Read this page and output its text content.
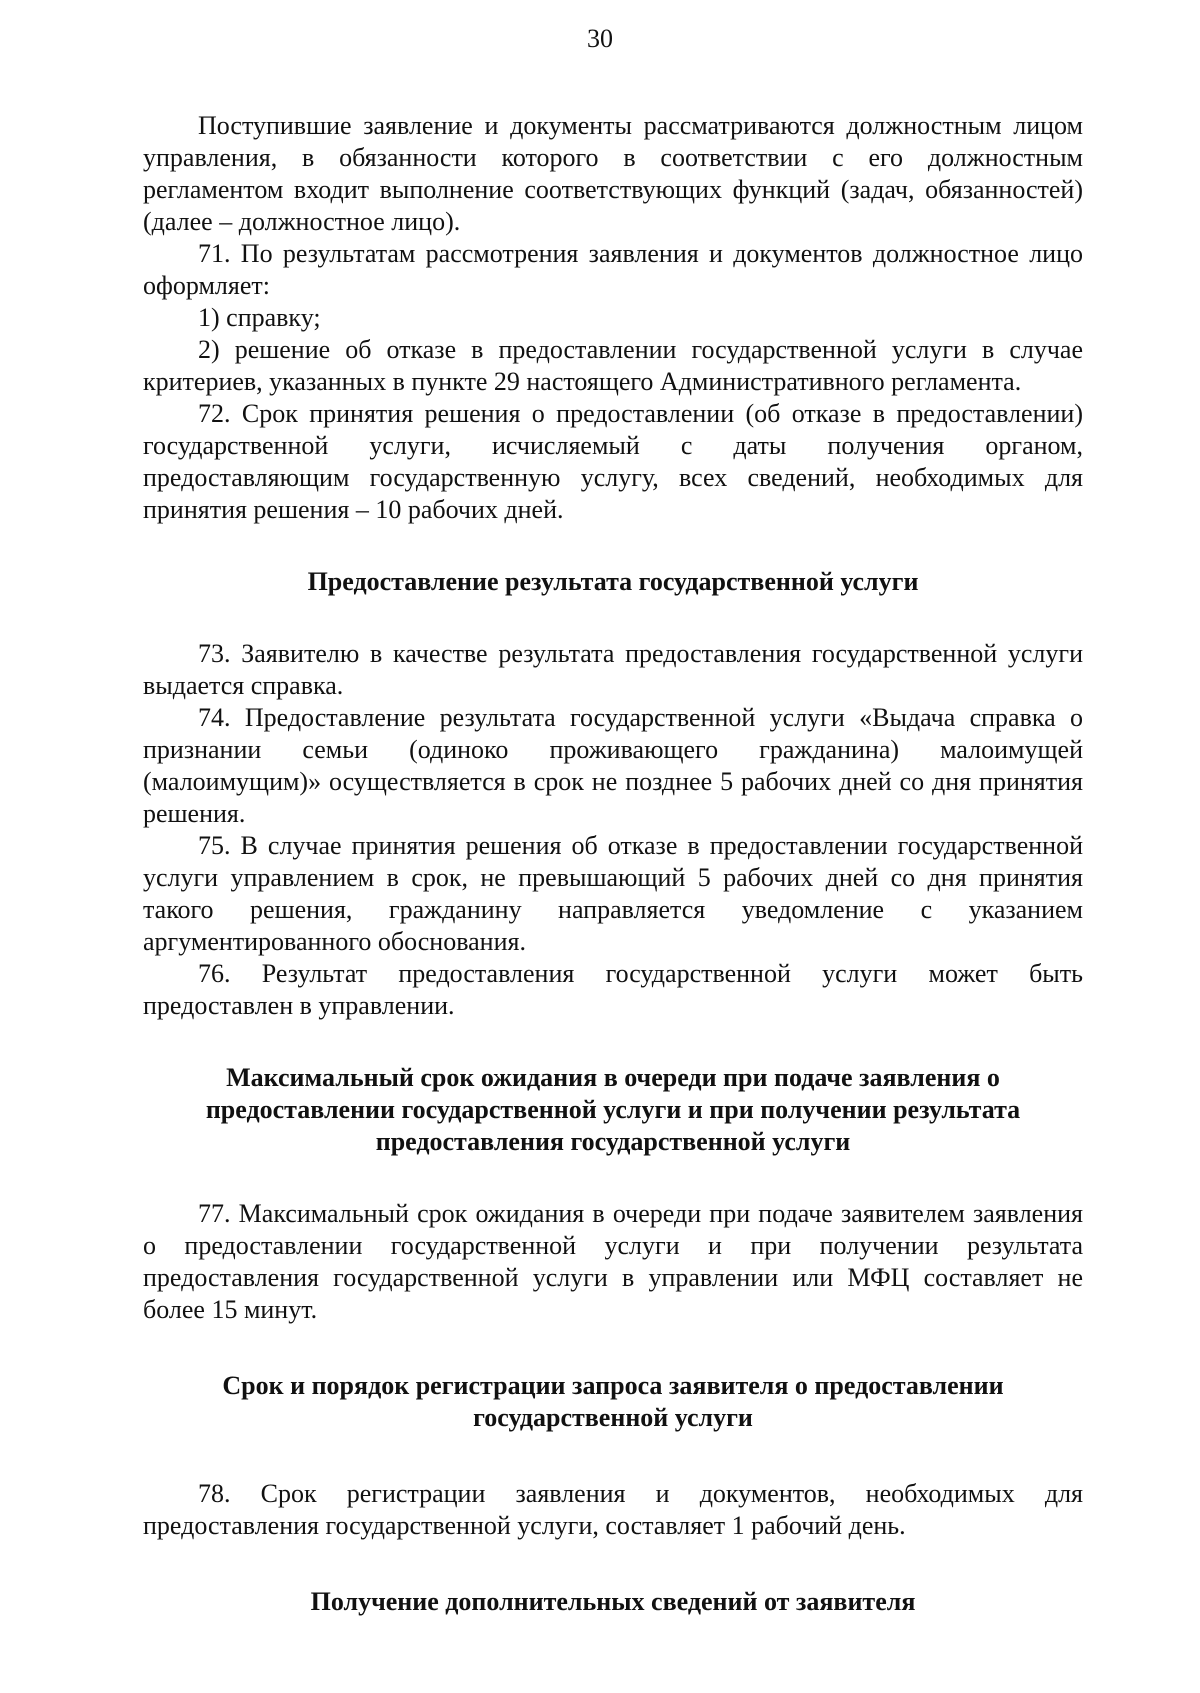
30

Поступившие заявление и документы рассматриваются должностным лицом управления, в обязанности которого в соответствии с его должностным регламентом входит выполнение соответствующих функций (задач, обязанностей) (далее – должностное лицо).

71. По результатам рассмотрения заявления и документов должностное лицо оформляет:

1) справку;

2) решение об отказе в предоставлении государственной услуги в случае критериев, указанных в пункте 29 настоящего Административного регламента.

72. Срок принятия решения о предоставлении (об отказе в предоставлении) государственной услуги, исчисляемый с даты получения органом, предоставляющим государственную услугу, всех сведений, необходимых для принятия решения – 10 рабочих дней.

Предоставление результата государственной услуги

73. Заявителю в качестве результата предоставления государственной услуги выдается справка.

74. Предоставление результата государственной услуги «Выдача справка о признании семьи (одиноко проживающего гражданина) малоимущей (малоимущим)» осуществляется в срок не позднее 5 рабочих дней со дня принятия решения.

75. В случае принятия решения об отказе в предоставлении государственной услуги управлением в срок, не превышающий 5 рабочих дней со дня принятия такого решения, гражданину направляется уведомление с указанием аргументированного обоснования.

76. Результат предоставления государственной услуги может быть предоставлен в управлении.

Максимальный срок ожидания в очереди при подаче заявления о предоставлении государственной услуги и при получении результата предоставления государственной услуги

77. Максимальный срок ожидания в очереди при подаче заявителем заявления о предоставлении государственной услуги и при получении результата предоставления государственной услуги в управлении или МФЦ составляет не более 15 минут.

Срок и порядок регистрации запроса заявителя о предоставлении государственной услуги

78. Срок регистрации заявления и документов, необходимых для предоставления государственной услуги, составляет 1 рабочий день.

Получение дополнительных сведений от заявителя
